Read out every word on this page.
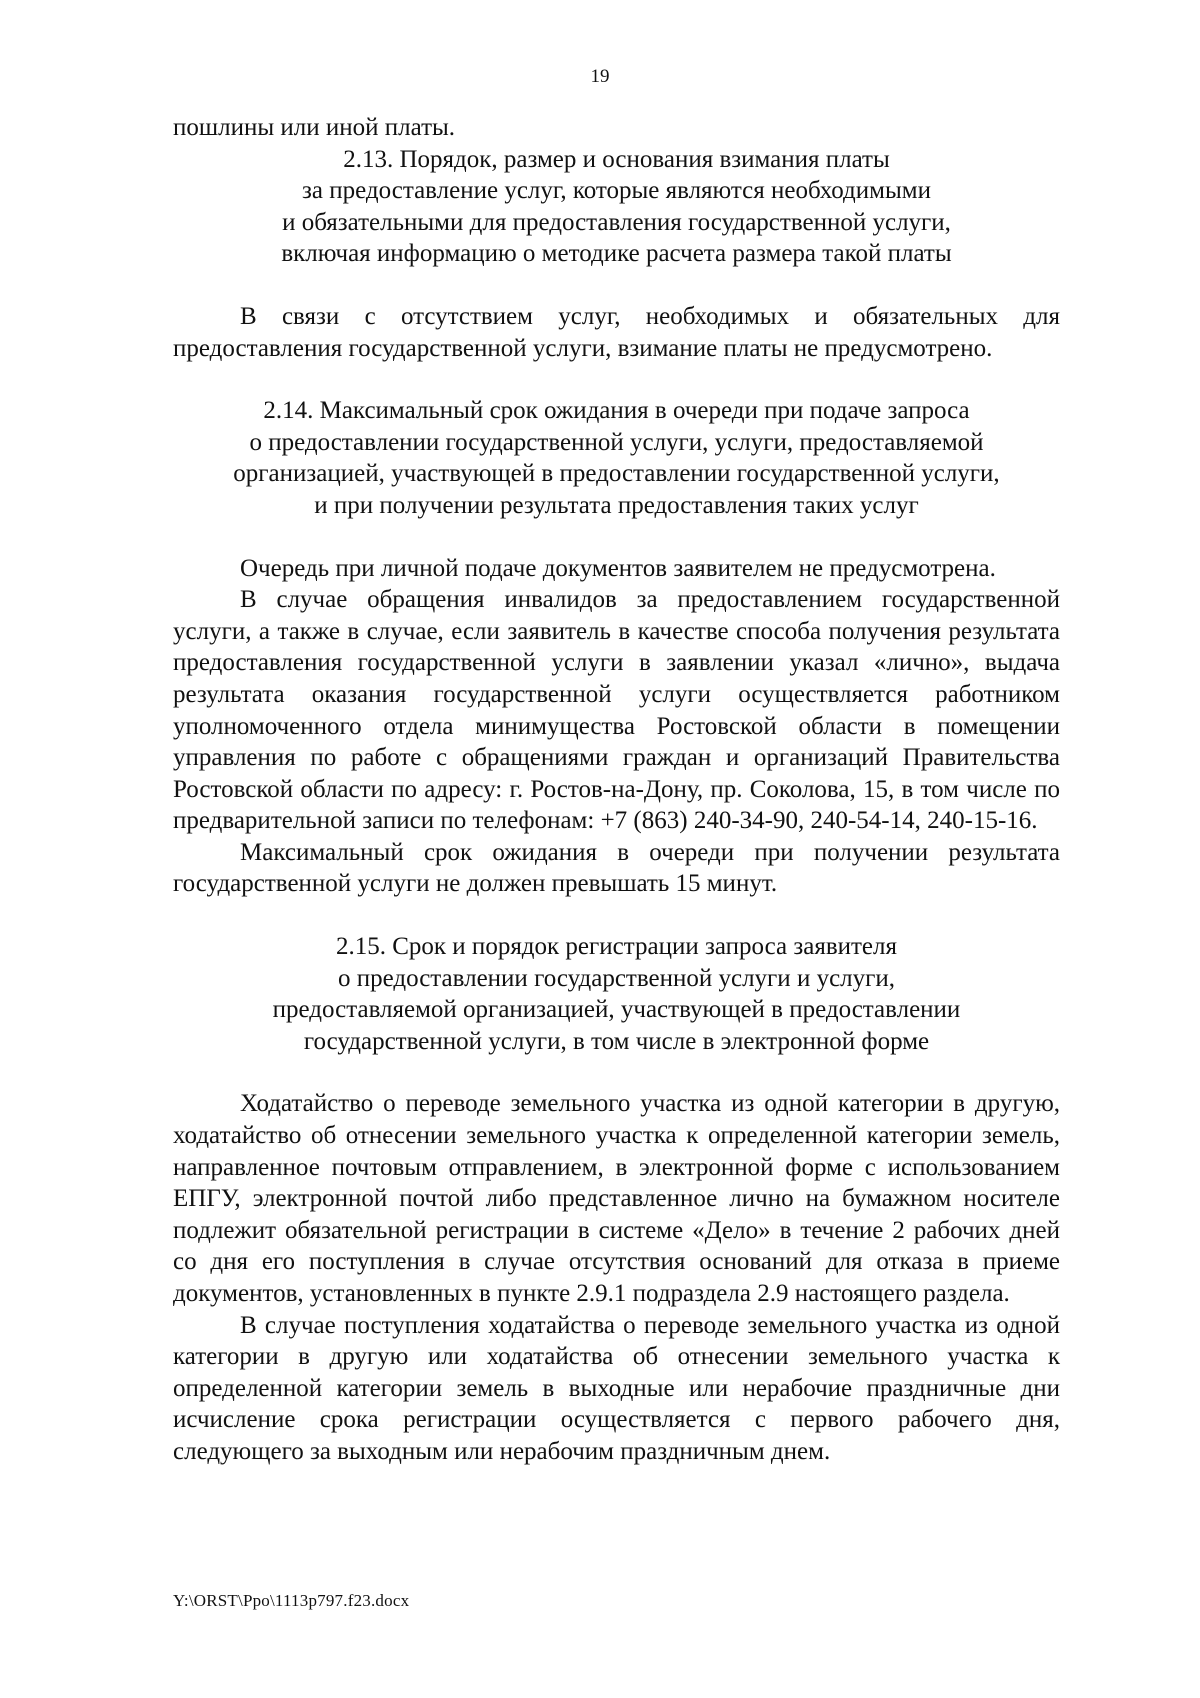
19

пошлины или иной платы.

2.13. Порядок, размер и основания взимания платы
за предоставление услуг, которые являются необходимыми
и обязательными для предоставления государственной услуги,
включая информацию о методике расчета размера такой платы

В связи с отсутствием услуг, необходимых и обязательных для предоставления государственной услуги, взимание платы не предусмотрено.

2.14. Максимальный срок ожидания в очереди при подаче запроса
о предоставлении государственной услуги, услуги, предоставляемой
организацией, участвующей в предоставлении государственной услуги,
и при получении результата предоставления таких услуг

Очередь при личной подаче документов заявителем не предусмотрена.

В случае обращения инвалидов за предоставлением государственной услуги, а также в случае, если заявитель в качестве способа получения результата предоставления государственной услуги в заявлении указал «лично», выдача результата оказания государственной услуги осуществляется работником уполномоченного отдела минимущества Ростовской области в помещении управления по работе с обращениями граждан и организаций Правительства Ростовской области по адресу: г. Ростов-на-Дону, пр. Соколова, 15, в том числе по предварительной записи по телефонам: +7 (863) 240-34-90, 240-54-14, 240-15-16.

Максимальный срок ожидания в очереди при получении результата государственной услуги не должен превышать 15 минут.

2.15. Срок и порядок регистрации запроса заявителя
о предоставлении государственной услуги и услуги,
предоставляемой организацией, участвующей в предоставлении
государственной услуги, в том числе в электронной форме

Ходатайство о переводе земельного участка из одной категории в другую, ходатайство об отнесении земельного участка к определенной категории земель, направленное почтовым отправлением, в электронной форме с использованием ЕПГУ, электронной почтой либо представленное лично на бумажном носителе подлежит обязательной регистрации в системе «Дело» в течение 2 рабочих дней со дня его поступления в случае отсутствия оснований для отказа в приеме документов, установленных в пункте 2.9.1 подраздела 2.9 настоящего раздела.

В случае поступления ходатайства о переводе земельного участка из одной категории в другую или ходатайства об отнесении земельного участка к определенной категории земель в выходные или нерабочие праздничные дни исчисление срока регистрации осуществляется с первого рабочего дня, следующего за выходным или нерабочим праздничным днем.

Y:\ORST\Ppo\1113p797.f23.docx
